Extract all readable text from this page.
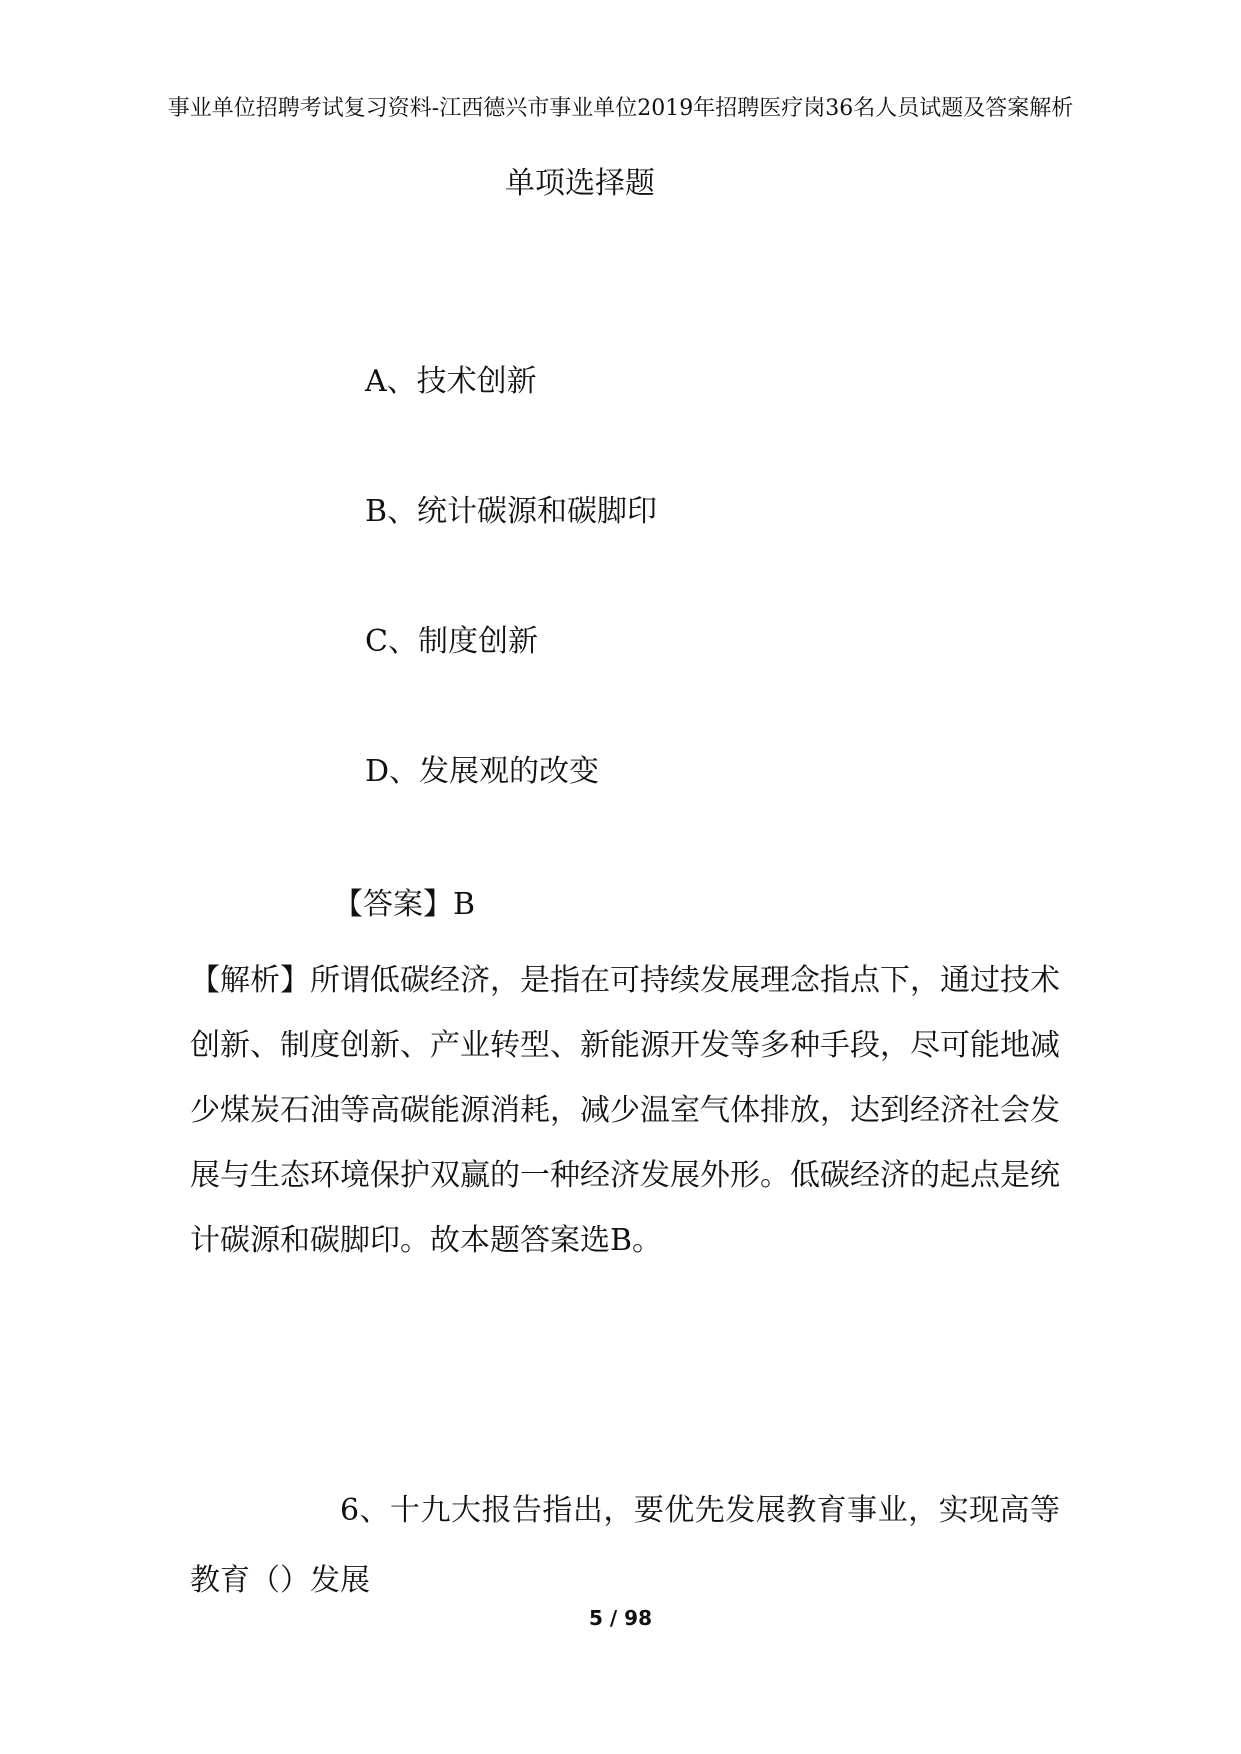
事业单位招聘考试复习资料-江西德兴市事业单位2019年招聘医疗岗36名人员试题及答案解析
单项选择题
A、技术创新
B、统计碳源和碳脚印
C、制度创新
D、发展观的改变
【答案】B

【解析】所谓低碳经济，是指在可持续发展理念指点下，通过技术创新、制度创新、产业转型、新能源开发等多种手段，尽可能地减少煤炭石油等高碳能源消耗，减少温室气体排放，达到经济社会发展与生态环境保护双赢的一种经济发展外形。低碳经济的起点是统计碳源和碳脚印。故本题答案选B。

6、十九大报告指出，要优先发展教育事业，实现高等教育（）发展

5 / 98
